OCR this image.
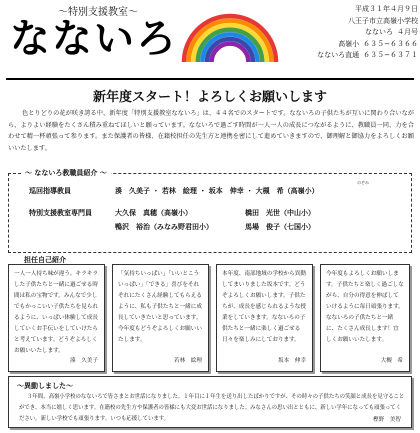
〜特別支援教室〜
なないろ
平成３１年４月９日
八王子市立高嶺小学校
なないろ ４月号
高嶺小 ６３５−６３６６
なないろ直通 ６３５−６３７１
新年度スタート！よろしくお願いします

色とりどりの花が咲き誇る中、新年度「特別支援教室なないろ」は、４４名でのスタートです。なないろの子供たちが互いに関わり合いながら、よりよい経験をたくさん積み重ねてほしいと願っています。なないろで過ごす時間が一人一人の成長につながるように、教職員一同、力を合わせて精一杯頑張って参ります。また保護者の皆様、在籍校担任の先生方と連携を密にして進めていきますので、御理解と御協力をよろしくお願いいたします。

〜 なないろ教職員紹介 〜
巡回指導教員	湊　久美子 ・ 若林　絵理 ・ 坂本　伸幸 ・ 大槻　希（高嶺小）
のぞみ
特別支援教室専門員	大久保　真穂（高嶺小）	橋田　光世（中山小）
鴨沢　裕治（みなみ野君田小）	馬場　俊子（七国小）
担任自己紹介
一人一人持ち味が違う。キラキラした子供たちと一緒に過ごせる時間は私の宝物です。みんなで少しでもかっこいい子供たちを見られるように、いっぱい体験して成長していくお手伝いをしていけたらと考えています。どうぞよろしくお願いいたします。
湊　久美子
「気持ちいっぱい」「いいとこういっぱい」「できる」喜びをそれぞれにたくさん経験してもらえるように、私も子供たちと一緒に成長していきたいと思っています。今年度もどうぞよろしくお願いいたします。
若林　絵理
本年度、南部地域の学校から異動してまいりました坂本です。どうぞよろしくお願いします。子供たちが、成長を感じられるような授業をしていきます。なないろの子供たちと一緒に楽しく過ごせる日々を楽しみにしております。
坂本　伸幸
今年度もよろしくお願いします。子供たちと楽しく過ごしながら、自分の得意を伸ばしていけるように毎日頑張ります。なないろの子供たちと一緒に、たくさん成長します！宜しくお願いいたします。
大槻　希
〜異動しました〜
３年間、高嶺小学校のなないろで皆さまとお世話になりました。１年目に１年生を送り出したばかりですが、その時々の子供たちの笑顔と成長を見守ることができ、本当に嬉しく思います。在籍校の先生方や保護者の皆様にも大変お世話になりました。みなさんの思い出とともに、新しい学年になっても頑張ってください。新しい学校でも頑張ります。いつも応援しています。	樫野　美智
